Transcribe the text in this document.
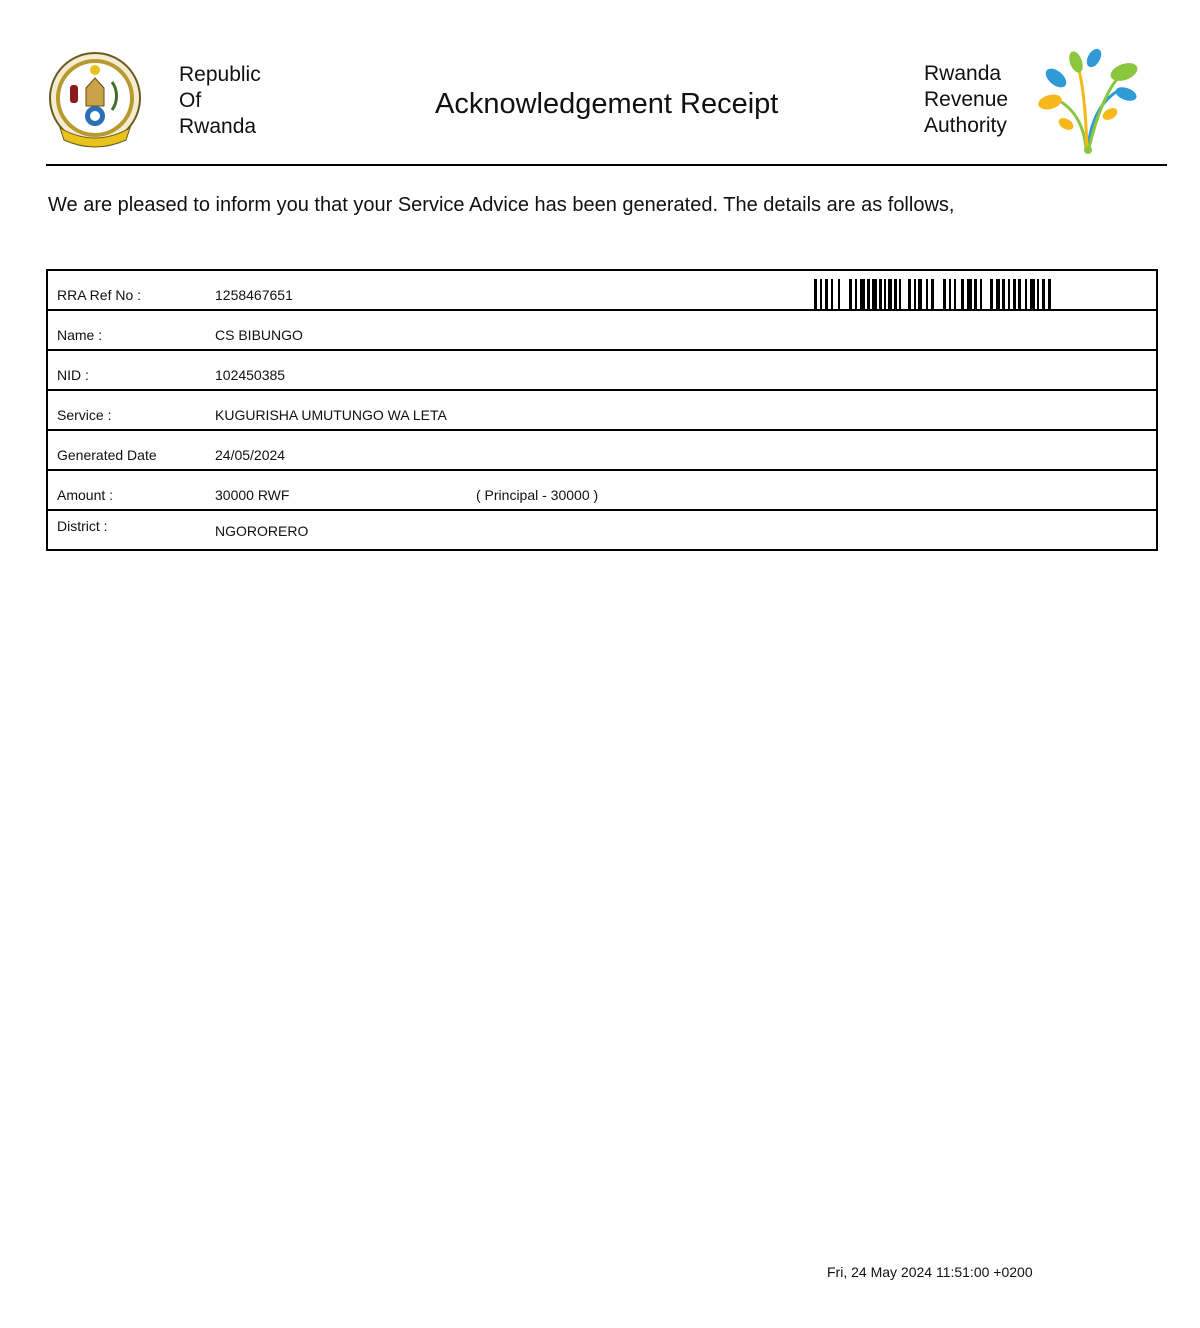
Republic
Of
Rwanda
Acknowledgement Receipt
Rwanda
Revenue
Authority
We are pleased to inform you that your Service Advice has been generated. The details are as follows,
RRA Ref No :	1258467651
Name :	CS BIBUNGO
NID :	102450385
Service :	KUGURISHA UMUTUNGO WA LETA
Generated Date	24/05/2024
Amount :	30000 RWF	( Principal - 30000 )
District :	NGORORERO
Fri, 24 May 2024 11:51:00 +0200
